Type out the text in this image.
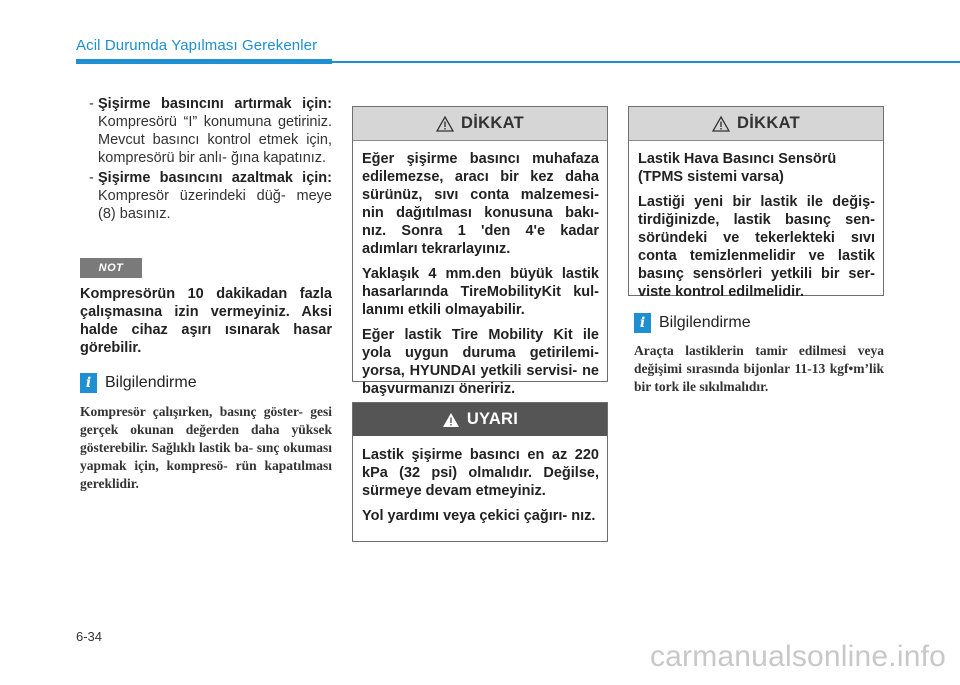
Acil Durumda Yapılması Gerekenler
- Şişirme basıncını artırmak için: Kompresörü “I” konumuna getiriniz. Mevcut basıncı kontrol etmek için, kompresörü bir anlı- ğına kapatınız.
- Şişirme basıncını azaltmak için: Kompresör üzerindeki düğ- meye (8) basınız.
NOT
Kompresörün 10 dakikadan fazla çalışmasına izin vermeyiniz. Aksi halde cihaz aşırı ısınarak hasar görebilir.
i Bilgilendirme
Kompresör çalışırken, basınç göster- gesi gerçek okunan değerden daha yüksek gösterebilir. Sağlıklı lastik ba- sınç okuması yapmak için, kompresö- rün kapatılması gereklidir.
DİKKAT

Eğer şişirme basıncı muhafaza edilemezse, aracı bir kez daha sürünüz, sıvı conta malzemesi- nin dağıtılması konusuna bakı- nız. Sonra 1 'den 4'e kadar adımları tekrarlayınız.

Yaklaşık 4 mm.den büyük lastik hasarlarında TireMobilityKit kul- lanımı etkili olmayabilir.

Eğer lastik Tire Mobility Kit ile yola uygun duruma getirilemi- yorsa, HYUNDAI yetkili servisi- ne başvurmanızı öneririz.

UYARI

Lastik şişirme basıncı en az 220 kPa (32 psi) olmalıdır. Değilse, sürmeye devam etmeyiniz.

Yol yardımı veya çekici çağırı- nız.

DİKKAT

Lastik Hava Basıncı Sensörü (TPMS sistemi varsa)

Lastiği yeni bir lastik ile değiş- tirdiğinizde, lastik basınç sen- söründeki ve tekerlekteki sıvı conta temizlenmelidir ve lastik basınç sensörleri yetkili bir ser- viste kontrol edilmelidir.

i Bilgilendirme
Araçta lastiklerin tamir edilmesi veya değişimi sırasında bijonlar 11-13 kgf•m’lik bir tork ile sıkılmalıdır.
6-34
carmanualsonline.info
